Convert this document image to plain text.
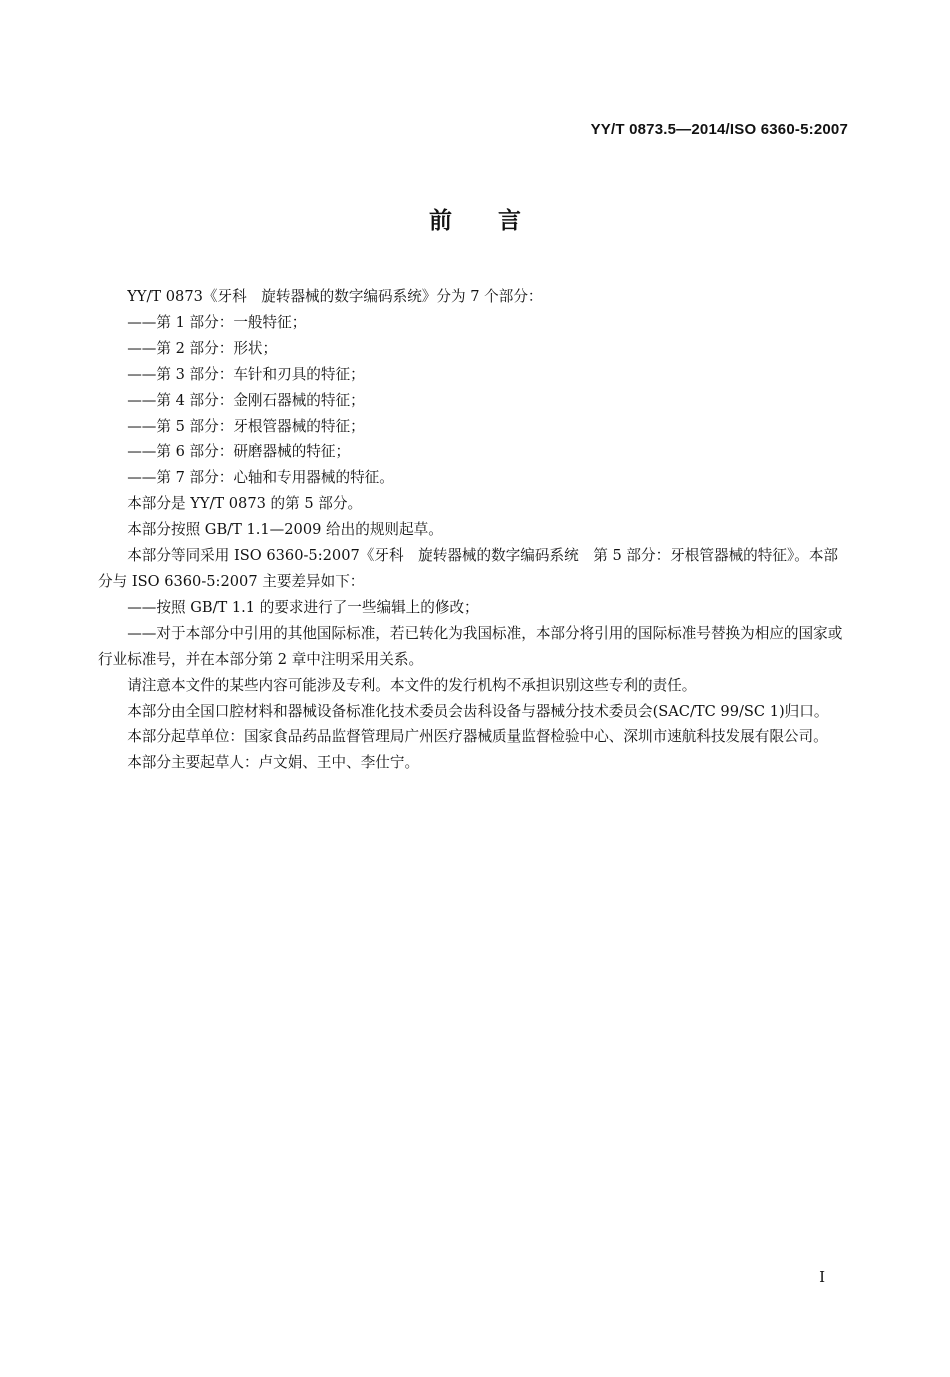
YY/T 0873.5—2014/ISO 6360-5:2007
前言

YY/T 0873《牙科　旋转器械的数字编码系统》分为 7 个部分：

——第 1 部分：一般特征；

——第 2 部分：形状；

——第 3 部分：车针和刃具的特征；

——第 4 部分：金刚石器械的特征；

——第 5 部分：牙根管器械的特征；

——第 6 部分：研磨器械的特征；

——第 7 部分：心轴和专用器械的特征。

本部分是 YY/T 0873 的第 5 部分。

本部分按照 GB/T 1.1—2009 给出的规则起草。

本部分等同采用 ISO 6360-5:2007《牙科　旋转器械的数字编码系统　第 5 部分：牙根管器械的特征》。本部分与 ISO 6360-5:2007 主要差异如下：

——按照 GB/T 1.1 的要求进行了一些编辑上的修改；

——对于本部分中引用的其他国际标准，若已转化为我国标准，本部分将引用的国际标准号替换为相应的国家或行业标准号，并在本部分第 2 章中注明采用关系。

请注意本文件的某些内容可能涉及专利。本文件的发行机构不承担识别这些专利的责任。

本部分由全国口腔材料和器械设备标准化技术委员会齿科设备与器械分技术委员会(SAC/TC 99/SC 1)归口。

本部分起草单位：国家食品药品监督管理局广州医疗器械质量监督检验中心、深圳市速航科技发展有限公司。

本部分主要起草人：卢文娟、王中、李仕宁。

I
